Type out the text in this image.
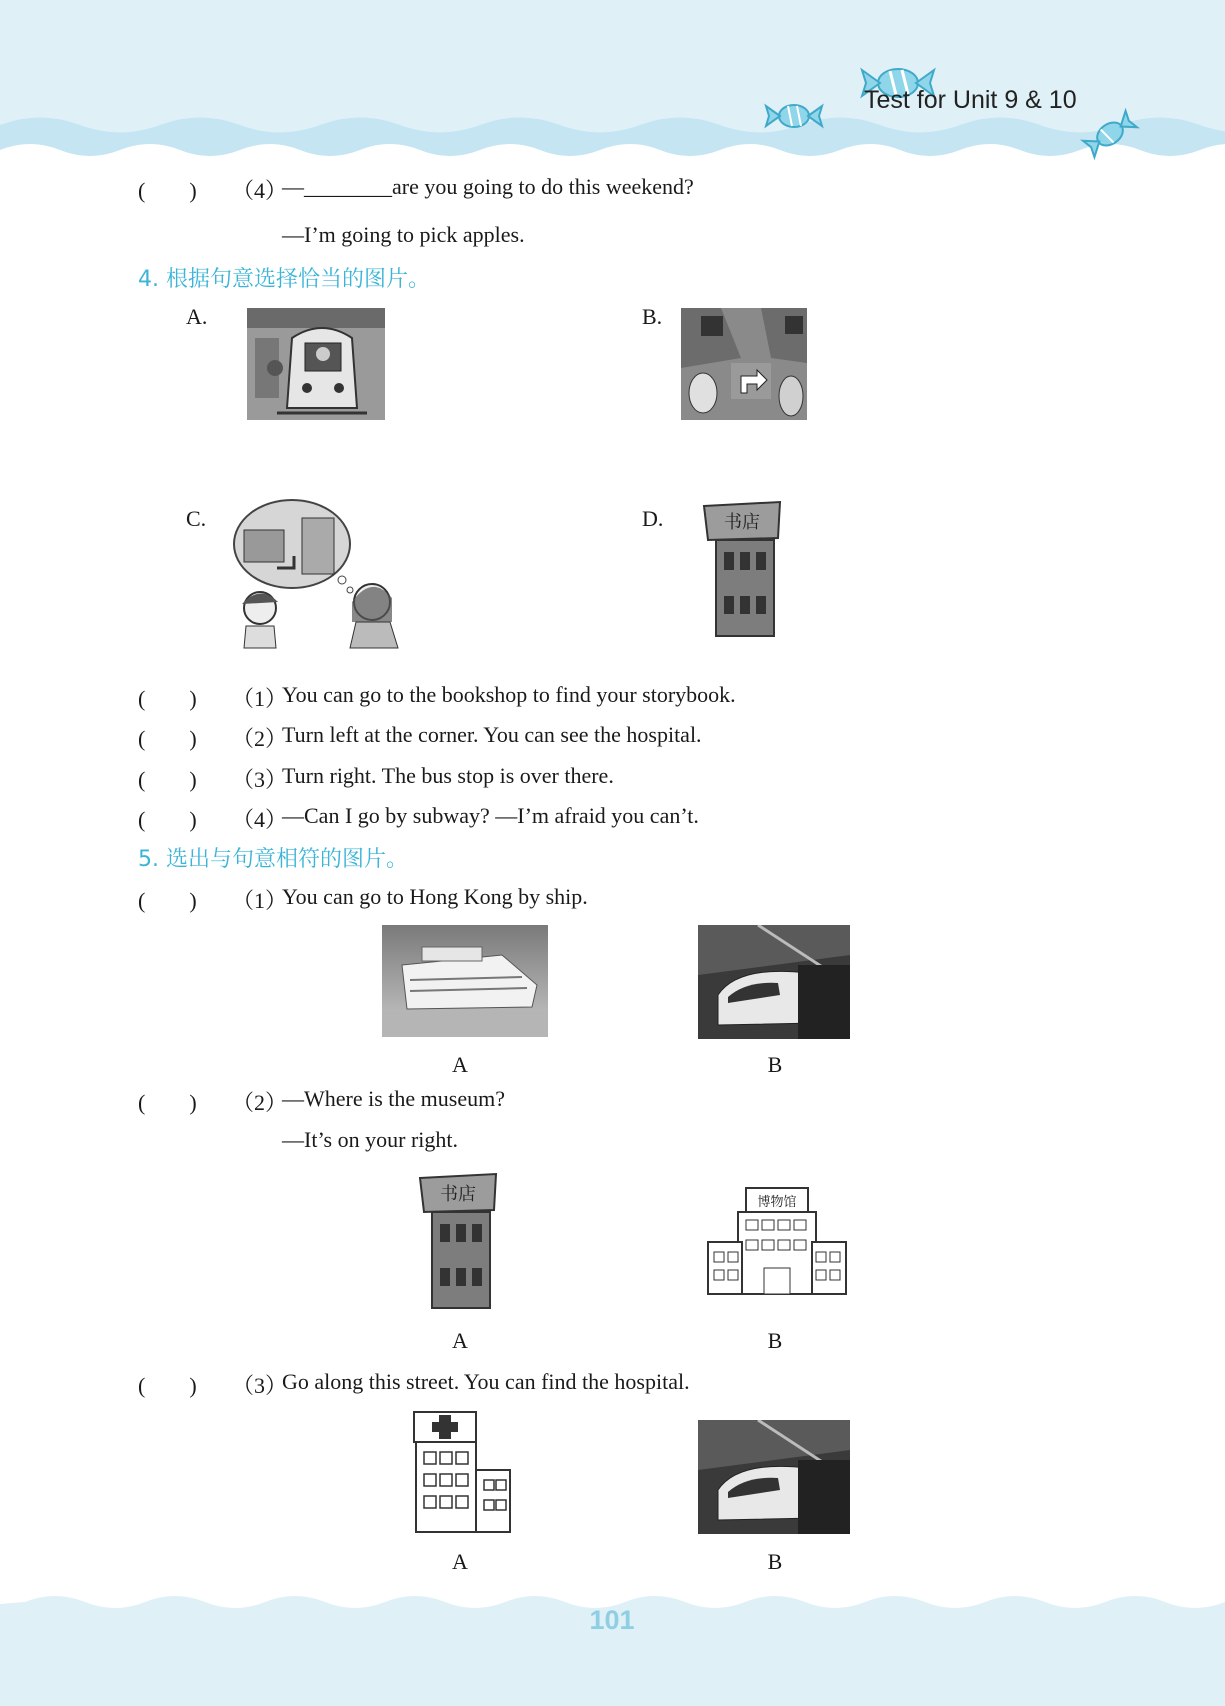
Test for Unit 9 & 10
(　　) （4）
—________are you going to do this weekend?
—I’m going to pick apples.
4. 根据句意选择恰当的图片。
A.	B.
C.	D.	书店
(　　) （1）
You can go to the bookshop to find your storybook.
(　　) （2）
Turn left at the corner. You can see the hospital.
(　　) （3）
Turn right. The bus stop is over there.
(　　) （4）
—Can I go by subway? —I’m afraid you can’t.
5. 选出与句意相符的图片。
(　　) （1）
You can go to Hong Kong by ship.
A	B
(　　) （2）
—Where is the museum?
—It’s on your right.
书店	博物馆
A	B
(　　) （3）
Go along this street. You can find the hospital.
A	B
101
